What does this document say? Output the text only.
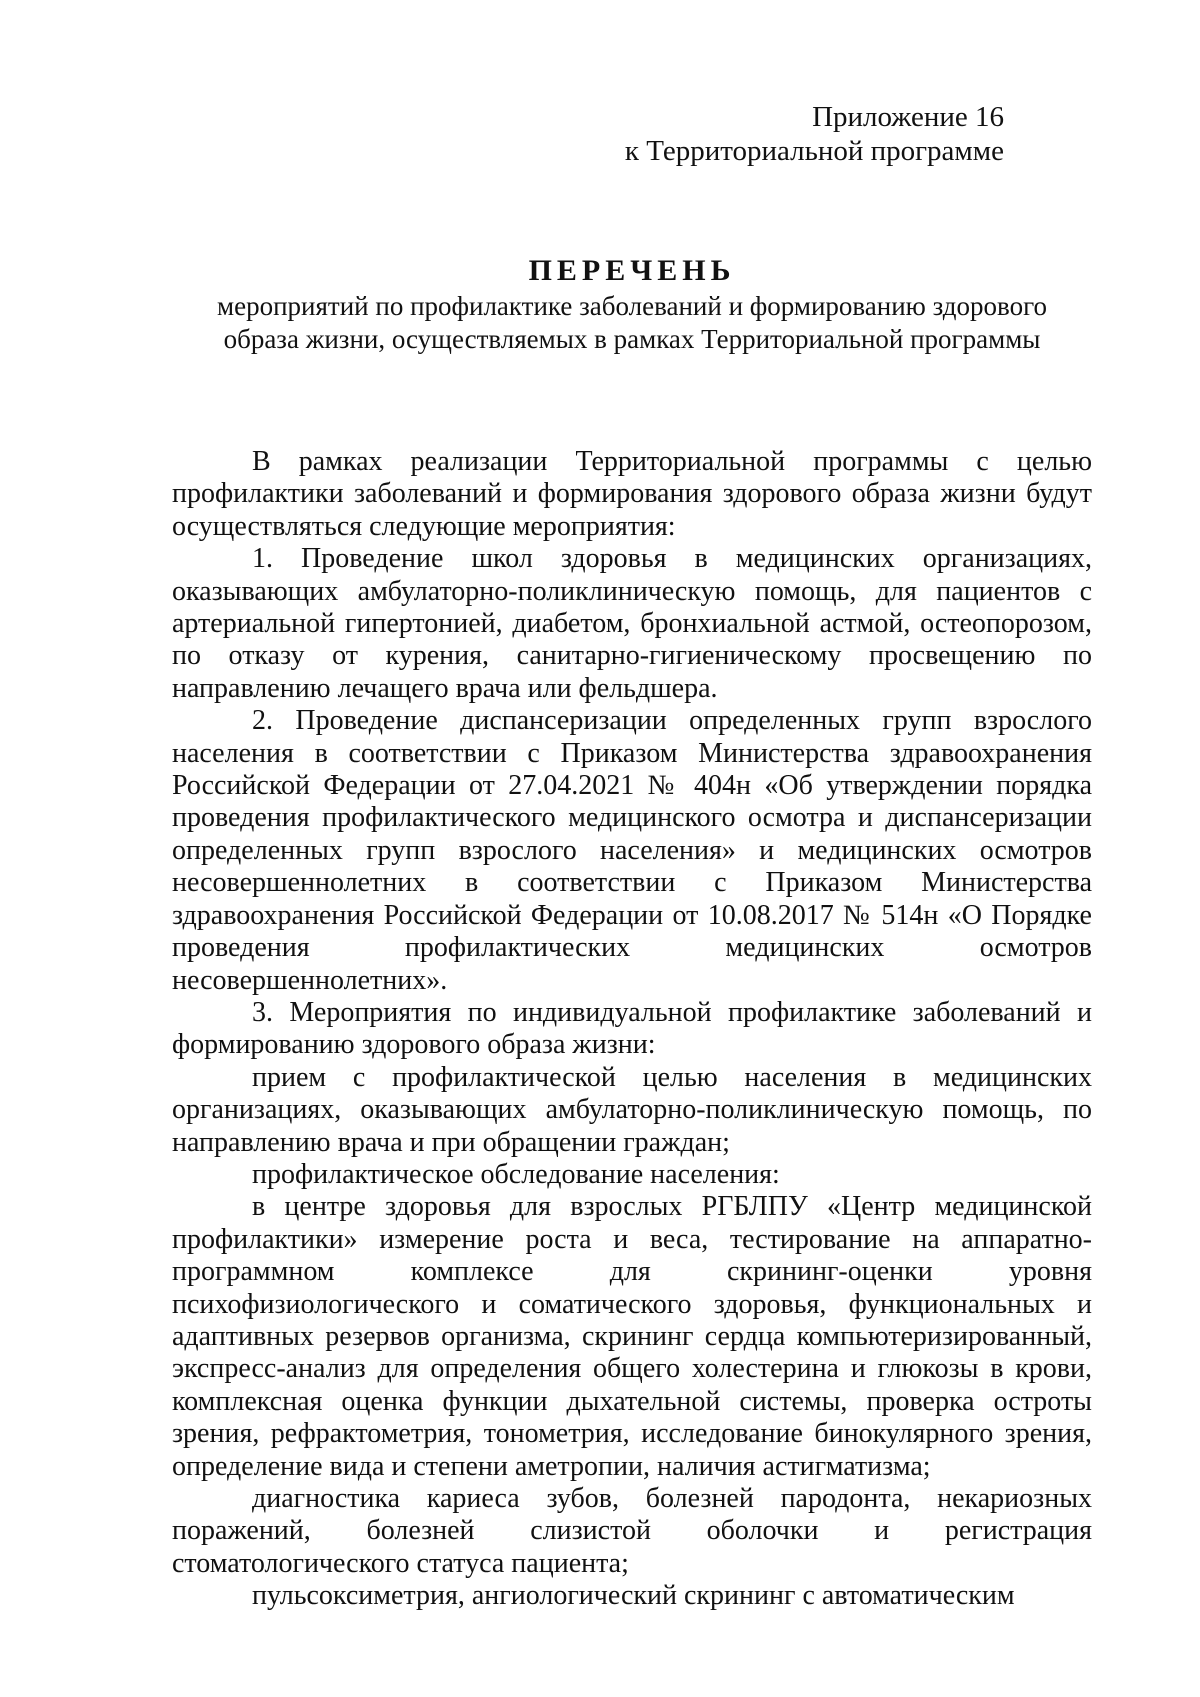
Приложение 16
к Территориальной программе
ПЕРЕЧЕНЬ
мероприятий по профилактике заболеваний и формированию здорового
образа жизни, осуществляемых в рамках Территориальной программы

В рамках реализации Территориальной программы с целью профилактики заболеваний и формирования здорового образа жизни будут осуществляться следующие мероприятия:

1. Проведение школ здоровья в медицинских организациях, оказывающих амбулаторно-поликлиническую помощь, для пациентов с артериальной гипертонией, диабетом, бронхиальной астмой, остеопорозом, по отказу от курения, санитарно-гигиеническому просвещению по направлению лечащего врача или фельдшера.

2. Проведение диспансеризации определенных групп взрослого населения в соответствии с Приказом Министерства здравоохранения Российской Федерации от 27.04.2021 № 404н «Об утверждении порядка проведения профилактического медицинского осмотра и диспансеризации определенных групп взрослого населения» и медицинских осмотров несовершеннолетних в соответствии с Приказом Министерства здравоохранения Российской Федерации от 10.08.2017 № 514н «О Порядке проведения профилактических медицинских осмотров несовершеннолетних».

3. Мероприятия по индивидуальной профилактике заболеваний и формированию здорового образа жизни:

прием с профилактической целью населения в медицинских организациях, оказывающих амбулаторно-поликлиническую помощь, по направлению врача и при обращении граждан;

профилактическое обследование населения:

в центре здоровья для взрослых РГБЛПУ «Центр медицинской профилактики» измерение роста и веса, тестирование на аппаратно-программном комплексе для скрининг-оценки уровня психофизиологического и соматического здоровья, функциональных и адаптивных резервов организма, скрининг сердца компьютеризированный, экспресс-анализ для определения общего холестерина и глюкозы в крови, комплексная оценка функции дыхательной системы, проверка остроты зрения, рефрактометрия, тонометрия, исследование бинокулярного зрения, определение вида и степени аметропии, наличия астигматизма;

диагностика кариеса зубов, болезней пародонта, некариозных поражений, болезней слизистой оболочки и регистрация стоматологического статуса пациента;

пульсоксиметрия, ангиологический скрининг с автоматическим
